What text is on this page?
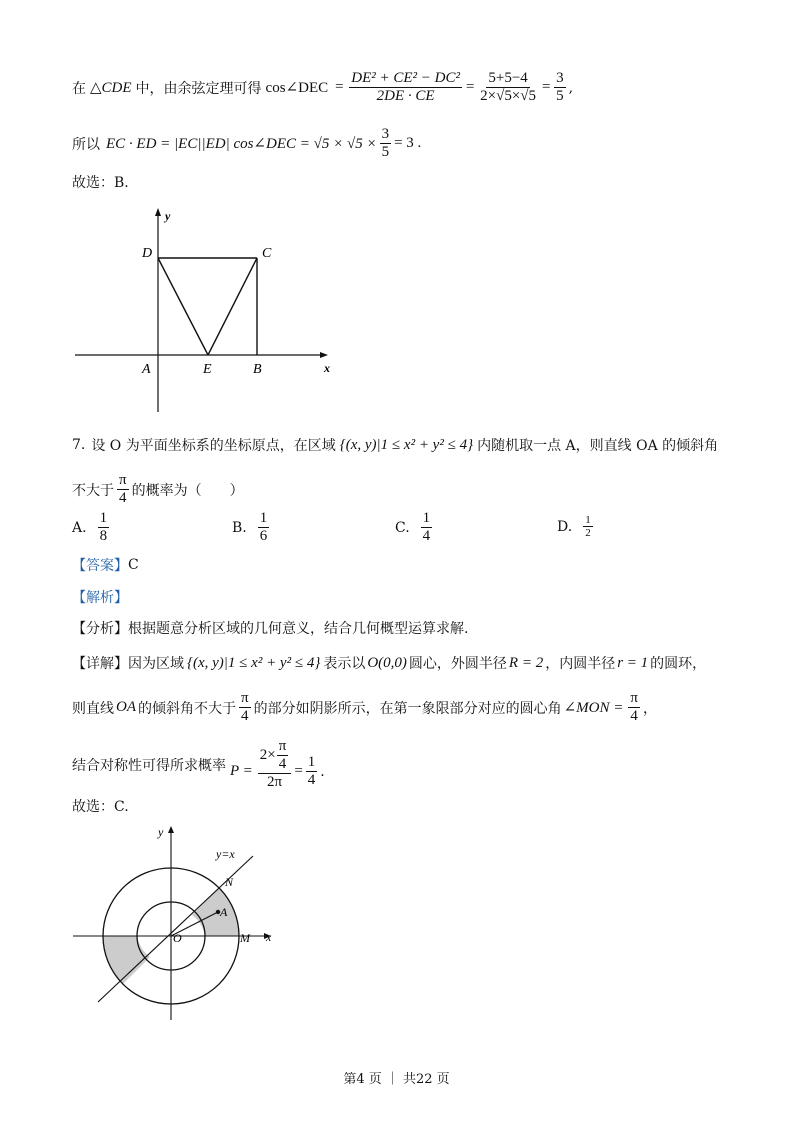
在 △CDE 中，由余弦定理可得 cos∠DEC = $\frac{\text{DE² + CE² − DC²}}{2DE \cdot CE} = \frac{5+5-4}{2\times√5\times√5} = \frac{3}{5}$ ,
所以 EC · ED = |EC||ED| cos∠DEC = $√5 \times √5 \times \frac{3}{5} = 3$ .
故选：B.
y
x
D	C
A	E	B
7. 设 O 为平面坐标系的坐标原点，在区域 {(x, y)|1 ≤ x² + y² ≤ 4} 内随机取一点 A，则直线 OA 的倾斜角
不大于 $\frac{\pi}{4}$ 的概率为（　　）
A. $\frac{1}{8}$	B. $\frac{1}{6}$	C. $\frac{1}{4}$	D. $\frac{1}{2}$
【答案】 C
【解析】
【分析】 根据题意分析区域的几何意义，结合几何概型运算求解.
【详解】 因为区域 {(x, y)|1 ≤ x² + y² ≤ 4} 表示以 O(0,0) 圆心，外圆半径 R = 2 ，内圆半径 r = 1 的圆环，
则直线 OA 的倾斜角不大于 $\frac{\pi}{4}$ 的部分如阴影所示，在第一象限部分对应的圆心角 ∠MON = $\frac{\pi}{4}$ ，
结合对称性可得所求概率 $P = \frac{2\times \frac{\pi}{4}}{2\pi} = \frac{1}{4}$ .
故选：C.
y
x
y=x
N
A
O	M
第4 页 ｜ 共22 页
